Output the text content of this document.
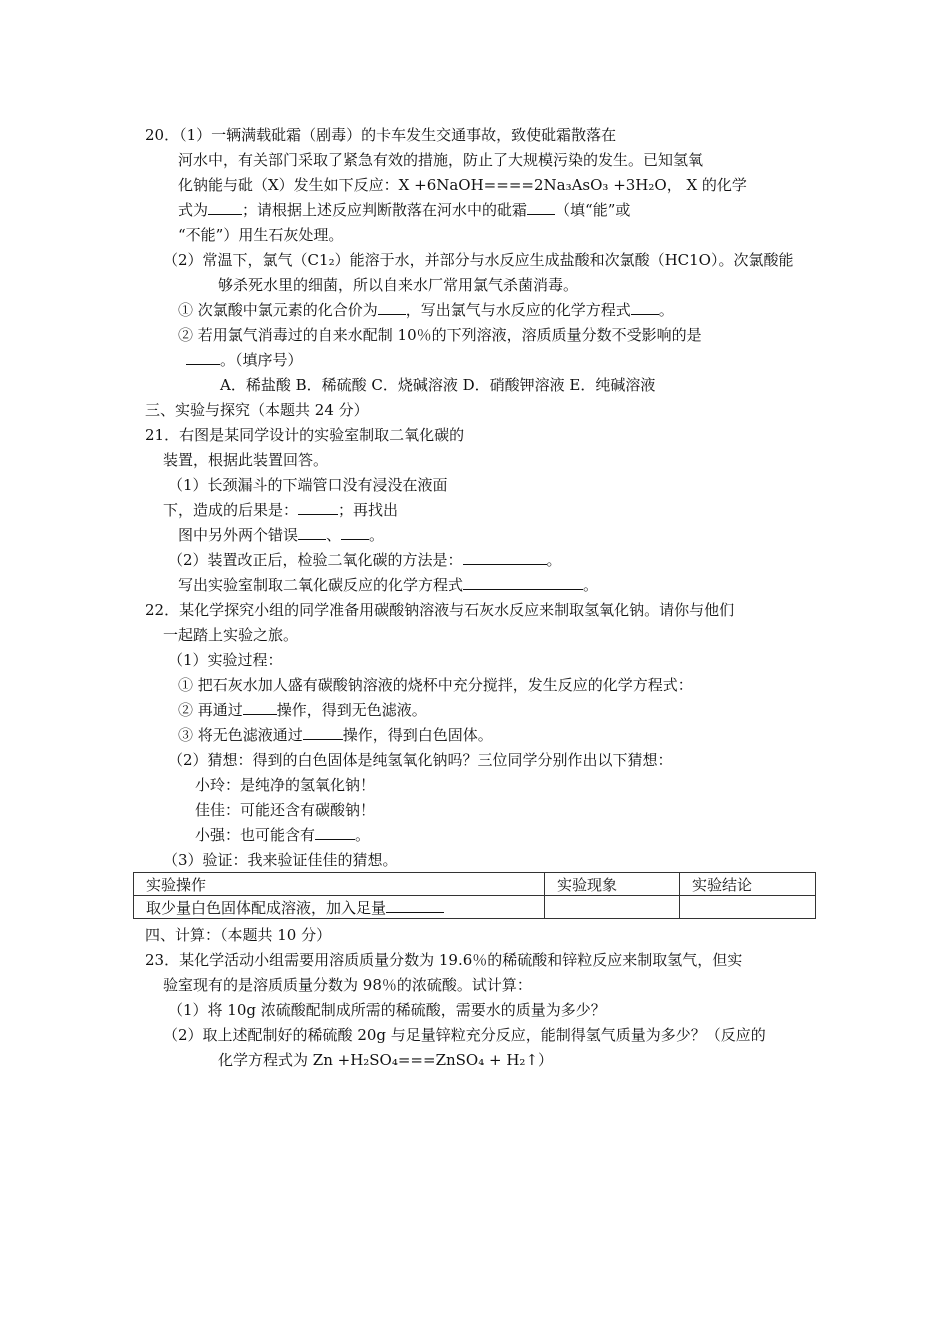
20．（1）一辆满载砒霜（剧毒）的卡车发生交通事故，致使砒霜散落在
河水中，有关部门采取了紧急有效的措施，防止了大规模污染的发生。已知氢氧
化钠能与砒（X）发生如下反应：X +6NaOH====2Na₃AsO₃ +3H₂O， X 的化学
式为 ；请根据上述反应判断散落在河水中的砒霜 （填“能”或
“不能”）用生石灰处理。
（2）常温下，氯气（C1₂）能溶于水，并部分与水反应生成盐酸和次氯酸（HC1O）。次氯酸能
够杀死水里的细菌，所以自来水厂常用氯气杀菌消毒。
① 次氯酸中氯元素的化合价为 ，写出氯气与水反应的化学方程式 。
② 若用氯气消毒过的自来水配制 10％的下列溶液，溶质质量分数不受影响的是
。（填序号）
A．稀盐酸 B．稀硫酸 C．烧碱溶液 D．硝酸钾溶液 E．纯碱溶液
三、实验与探究（本题共 24 分）
21．右图是某同学设计的实验室制取二氧化碳的
装置，根据此装置回答。
（1）长颈漏斗的下端管口没有浸没在液面
下，造成的后果是：	；再找出
图中另外两个错误 、 。
（2）装置改正后，检验二氧化碳的方法是：	。
写出实验室制取二氧化碳反应的化学方程式	。
22．某化学探究小组的同学准备用碳酸钠溶液与石灰水反应来制取氢氧化钠。请你与他们
一起踏上实验之旅。
（1）实验过程：
① 把石灰水加人盛有碳酸钠溶液的烧杯中充分搅拌，发生反应的化学方程式：
② 再通过 操作，得到无色滤液。
③ 将无色滤液通过	操作，得到白色固体。
（2）猜想：得到的白色固体是纯氢氧化钠吗？三位同学分别作出以下猜想：
小玲：是纯净的氢氧化钠！
佳佳：可能还含有碳酸钠！
小强：也可能含有	。
（3）验证：我来验证佳佳的猜想。
实验操作	实验现象	实验结论
取少量白色固体配成溶液，加入足量		
四、计算：（本题共 10 分）
23．某化学活动小组需要用溶质质量分数为 19.6％的稀硫酸和锌粒反应来制取氢气，但实
验室现有的是溶质质量分数为 98％的浓硫酸。试计算：
（1）将 10g 浓硫酸配制成所需的稀硫酸，需要水的质量为多少？
（2）取上述配制好的稀硫酸 20g 与足量锌粒充分反应，能制得氢气质量为多少？（反应的
化学方程式为 Zn +H₂SO₄===ZnSO₄ + H₂↑）
